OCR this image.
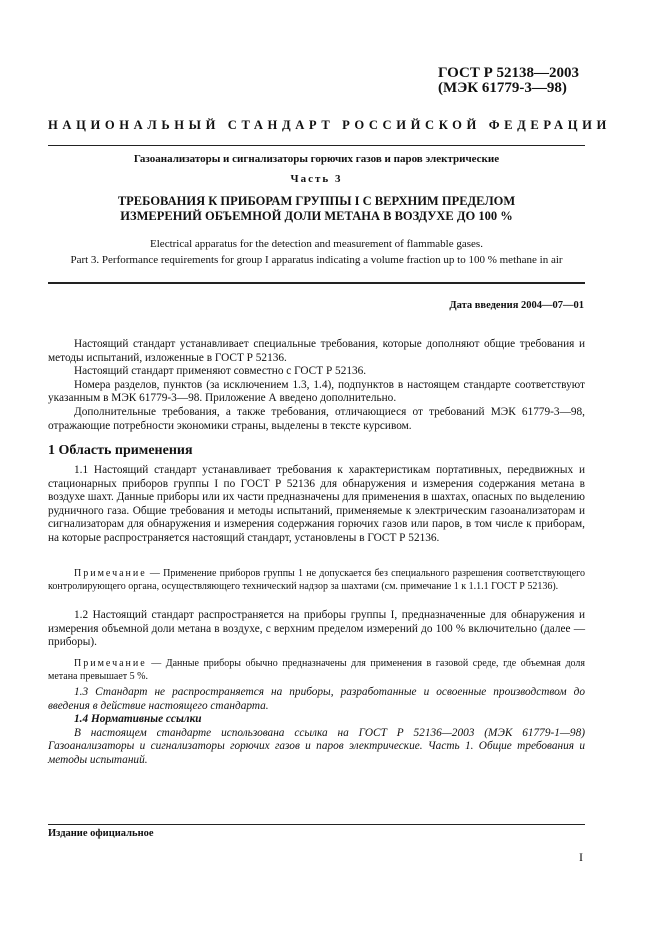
ГОСТ Р 52138—2003
(МЭК 61779-3—98)
НАЦИОНАЛЬНЫЙ СТАНДАРТ РОССИЙСКОЙ ФЕДЕРАЦИИ
Газоанализаторы и сигнализаторы горючих газов и паров электрические
Часть 3
ТРЕБОВАНИЯ К ПРИБОРАМ ГРУППЫ I С ВЕРХНИМ ПРЕДЕЛОМ
ИЗМЕРЕНИЙ ОБЪЕМНОЙ ДОЛИ МЕТАНА В ВОЗДУХЕ ДО 100 %
Electrical apparatus for the detection and measurement of flammable gases.
Part 3. Performance requirements for group I apparatus indicating a volume fraction up to 100 % methane in air
Дата введения 2004—07—01

Настоящий стандарт устанавливает специальные требования, которые дополняют общие требования и методы испытаний, изложенные в ГОСТ Р 52136.

Настоящий стандарт применяют совместно с ГОСТ Р 52136.

Номера разделов, пунктов (за исключением 1.3, 1.4), подпунктов в настоящем стандарте соответствуют указанным в МЭК 61779-3—98. Приложение А введено дополнительно.

Дополнительные требования, а также требования, отличающиеся от требований МЭК 61779-3—98, отражающие потребности экономики страны, выделены в тексте курсивом.

1 Область применения

1.1 Настоящий стандарт устанавливает требования к характеристикам портативных, передвижных и стационарных приборов группы I по ГОСТ Р 52136 для обнаружения и измерения содержания метана в воздухе шахт. Данные приборы или их части предназначены для применения в шахтах, опасных по выделению рудничного газа. Общие требования и методы испытаний, применяемые к электрическим газоанализаторам и сигнализаторам для обнаружения и измерения содержания горючих газов или паров, в том числе к приборам, на которые распространяется настоящий стандарт, установлены в ГОСТ Р 52136.

Примечание — Применение приборов группы 1 не допускается без специального разрешения соответствующего контролирующего органа, осуществляющего технический надзор за шахтами (см. примечание 1 к 1.1.1 ГОСТ Р 52136).

1.2 Настоящий стандарт распространяется на приборы группы I, предназначенные для обнаружения и измерения объемной доли метана в воздухе, с верхним пределом измерений до 100 % включительно (далее — приборы).

Примечание — Данные приборы обычно предназначены для применения в газовой среде, где объемная доля метана превышает 5 %.

1.3 Стандарт не распространяется на приборы, разработанные и освоенные производством до введения в действие настоящего стандарта.

1.4 Нормативные ссылки

В настоящем стандарте использована ссылка на ГОСТ Р 52136—2003 (МЭК 61779-1—98) Газоанализаторы и сигнализаторы горючих газов и паров электрические. Часть 1. Общие требования и методы испытаний.

Издание официальное
I
